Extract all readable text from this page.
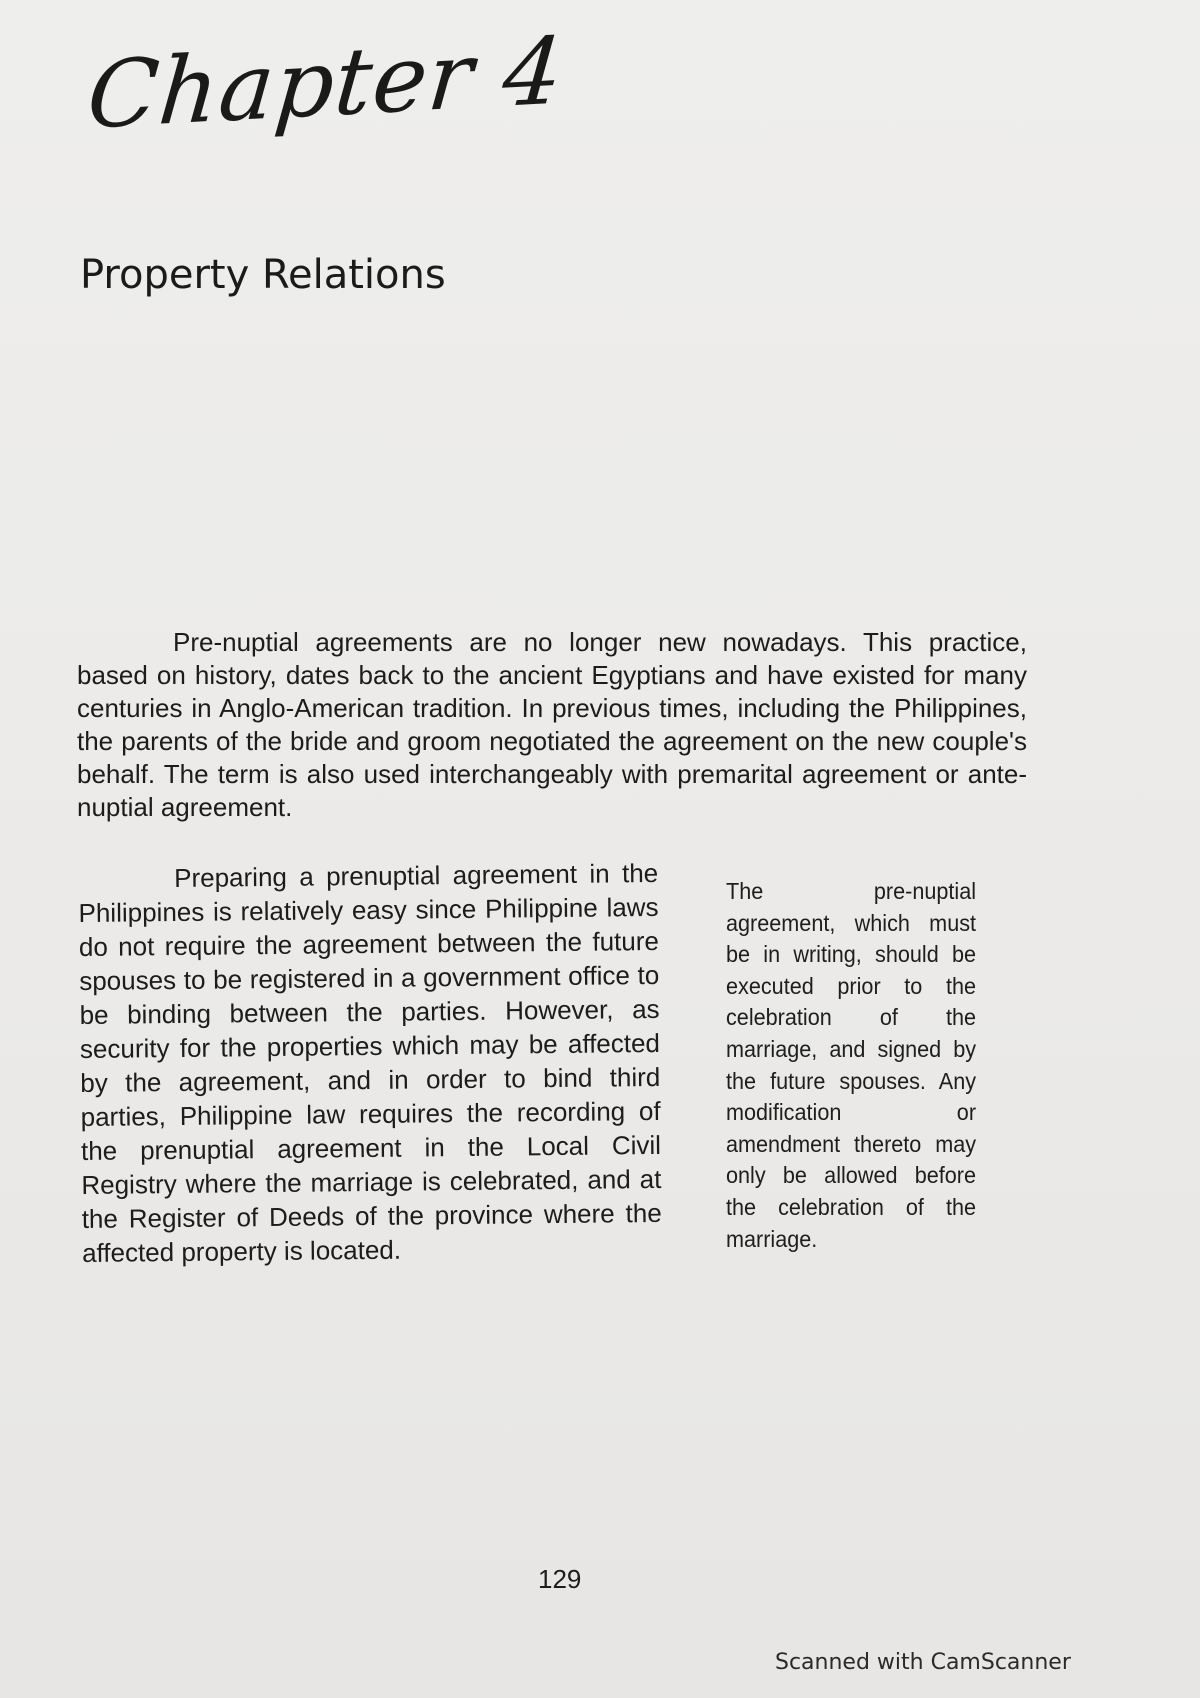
Chapter 4
Property Relations

Pre-nuptial agreements are no longer new nowadays. This practice, based on history, dates back to the ancient Egyptians and have existed for many centuries in Anglo-American tradition. In previous times, including the Philippines, the parents of the bride and groom negotiated the agreement on the new couple's behalf. The term is also used interchangeably with premarital agreement or ante-nuptial agreement.

Preparing a prenuptial agreement in the Philippines is relatively easy since Philippine laws do not require the agreement between the future spouses to be registered in a government office to be binding between the parties. However, as security for the properties which may be affected by the agreement, and in order to bind third parties, Philippine law requires the recording of the prenuptial agreement in the Local Civil Registry where the marriage is celebrated, and at the Register of Deeds of the province where the affected property is located.

The pre-nuptial agreement, which must be in writing, should be executed prior to the celebration of the marriage, and signed by the future spouses. Any modification or amendment thereto may only be allowed before the celebration of the marriage.

129
Scanned with CamScanner
